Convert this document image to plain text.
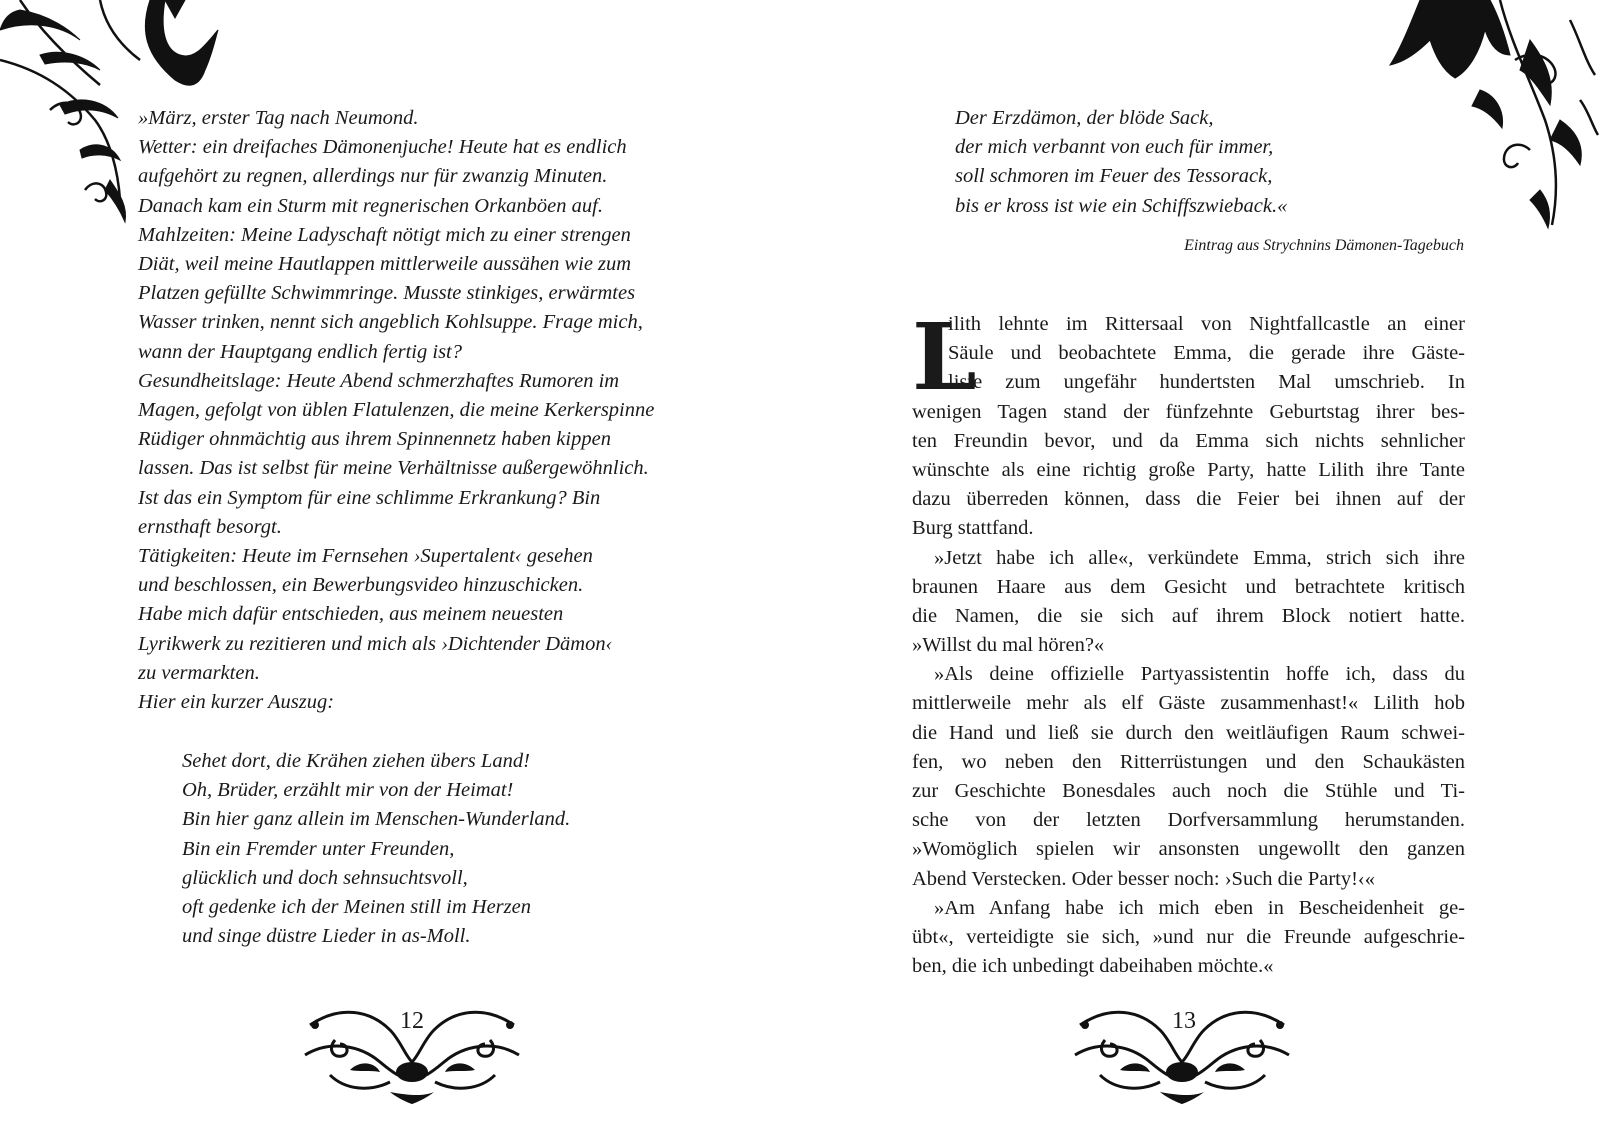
»März, erster Tag nach Neumond.
Wetter: ein dreifaches Dämonenjuche! Heute hat es endlich
aufgehört zu regnen, allerdings nur für zwanzig Minuten.
Danach kam ein Sturm mit regnerischen Orkanböen auf.
Mahlzeiten: Meine Ladyschaft nötigt mich zu einer strengen
Diät, weil meine Hautlappen mittlerweile aussähen wie zum
Platzen gefüllte Schwimmringe. Musste stinkiges, erwärmtes
Wasser trinken, nennt sich angeblich Kohlsuppe. Frage mich,
wann der Hauptgang endlich fertig ist?
Gesundheitslage: Heute Abend schmerzhaftes Rumoren im
Magen, gefolgt von üblen Flatulenzen, die meine Kerkerspinne
Rüdiger ohnmächtig aus ihrem Spinnennetz haben kippen
lassen. Das ist selbst für meine Verhältnisse außergewöhnlich.
Ist das ein Symptom für eine schlimme Erkrankung? Bin
ernsthaft besorgt.
Tätigkeiten: Heute im Fernsehen ›Supertalent‹ gesehen
und beschlossen, ein Bewerbungsvideo hinzuschicken.
Habe mich dafür entschieden, aus meinem neuesten
Lyrikwerk zu rezitieren und mich als ›Dichtender Dämon‹
zu vermarkten.
Hier ein kurzer Auszug:
Sehet dort, die Krähen ziehen übers Land!
Oh, Brüder, erzählt mir von der Heimat!
Bin hier ganz allein im Menschen-Wunderland.
Bin ein Fremder unter Freunden,
glücklich und doch sehnsuchtsvoll,
oft gedenke ich der Meinen still im Herzen
und singe düstre Lieder in as-Moll.
12
Der Erzdämon, der blöde Sack,
der mich verbannt von euch für immer,
soll schmoren im Feuer des Tessorack,
bis er kross ist wie ein Schiffszwieback.«
Eintrag aus Strychnins Dämonen-Tagebuch
L
ilith lehnte im Rittersaal von Nightfallcastle an einer
Säule und beobachtete Emma, die gerade ihre Gäste-
liste zum ungefähr hundertsten Mal umschrieb. In
wenigen Tagen stand der fünfzehnte Geburtstag ihrer bes-
ten Freundin bevor, und da Emma sich nichts sehnlicher
wünschte als eine richtig große Party, hatte Lilith ihre Tante
dazu überreden können, dass die Feier bei ihnen auf der
Burg stattfand.
»Jetzt habe ich alle«, verkündete Emma, strich sich ihre
braunen Haare aus dem Gesicht und betrachtete kritisch
die Namen, die sie sich auf ihrem Block notiert hatte.
»Willst du mal hören?«
»Als deine offizielle Partyassistentin hoffe ich, dass du
mittlerweile mehr als elf Gäste zusammenhast!« Lilith hob
die Hand und ließ sie durch den weitläufigen Raum schwei-
fen, wo neben den Ritterrüstungen und den Schaukästen
zur Geschichte Bonesdales auch noch die Stühle und Ti-
sche von der letzten Dorfversammlung herumstanden.
»Womöglich spielen wir ansonsten ungewollt den ganzen
Abend Verstecken. Oder besser noch: ›Such die Party!‹«
»Am Anfang habe ich mich eben in Bescheidenheit ge-
übt«, verteidigte sie sich, »und nur die Freunde aufgeschrie-
ben, die ich unbedingt dabeihaben möchte.«
13
